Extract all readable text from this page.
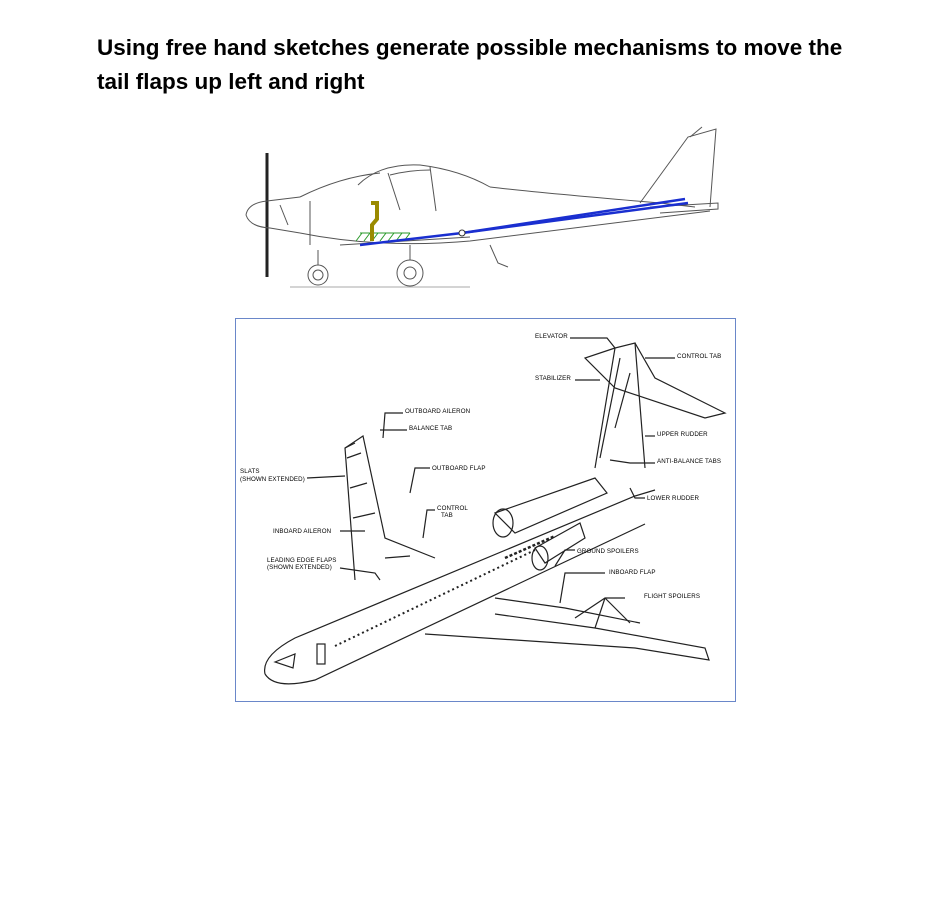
Using free hand sketches generate possible mechanisms to move the tail flaps up left and right
ELEVATOR
CONTROL TAB
STABILIZER
OUTBOARD AILERON
BALANCE TAB
UPPER RUDDER
ANTI-BALANCE TABS
SLATS
(SHOWN EXTENDED)
OUTBOARD FLAP
LOWER RUDDER
CONTROL
TAB
INBOARD AILERON
GROUND SPOILERS
LEADING EDGE FLAPS
(SHOWN EXTENDED)
INBOARD FLAP
FLIGHT SPOILERS
